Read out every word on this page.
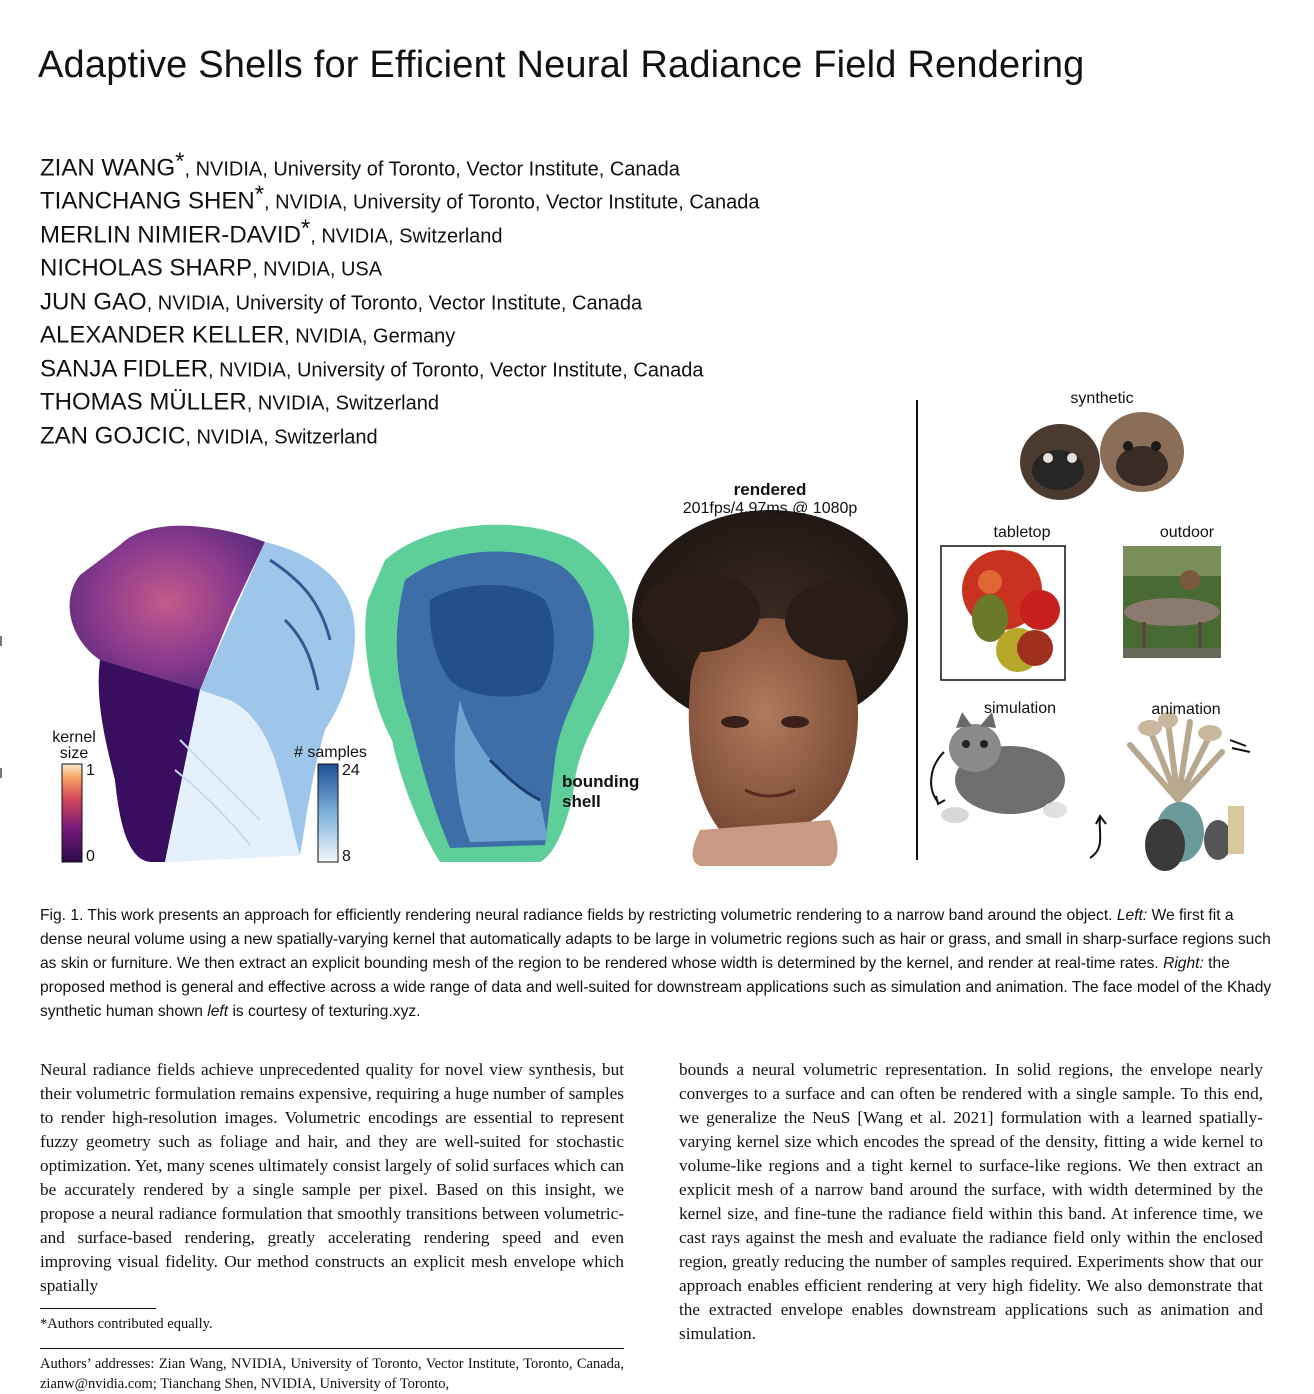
Adaptive Shells for Efficient Neural Radiance Field Rendering
ZIAN WANG*, NVIDIA, University of Toronto, Vector Institute, Canada
TIANCHANG SHEN*, NVIDIA, University of Toronto, Vector Institute, Canada
MERLIN NIMIER-DAVID*, NVIDIA, Switzerland
NICHOLAS SHARP, NVIDIA, USA
JUN GAO, NVIDIA, University of Toronto, Vector Institute, Canada
ALEXANDER KELLER, NVIDIA, Germany
SANJA FIDLER, NVIDIA, University of Toronto, Vector Institute, Canada
THOMAS MÜLLER, NVIDIA, Switzerland
ZAN GOJCIC, NVIDIA, Switzerland
kernel
size
1
0
# samples
24
8
bounding
shell
rendered
201fps/4.97ms @ 1080p
synthetic
tabletop	outdoor
simulation	animation
Fig. 1. This work presents an approach for efficiently rendering neural radiance fields by restricting volumetric rendering to a narrow band around the object. Left: We first fit a dense neural volume using a new spatially-varying kernel that automatically adapts to be large in volumetric regions such as hair or grass, and small in sharp-surface regions such as skin or furniture. We then extract an explicit bounding mesh of the region to be rendered whose width is determined by the kernel, and render at real-time rates. Right: the proposed method is general and effective across a wide range of data and well-suited for downstream applications such as simulation and animation. The face model of the Khady synthetic human shown left is courtesy of texturing.xyz.
Neural radiance fields achieve unprecedented quality for novel view synthesis, but their volumetric formulation remains expensive, requiring a huge number of samples to render high-resolution images. Volumetric encodings are essential to represent fuzzy geometry such as foliage and hair, and they are well-suited for stochastic optimization. Yet, many scenes ultimately consist largely of solid surfaces which can be accurately rendered by a single sample per pixel. Based on this insight, we propose a neural radiance formulation that smoothly transitions between volumetric- and surface-based rendering, greatly accelerating rendering speed and even improving visual fidelity. Our method constructs an explicit mesh envelope which spatially
bounds a neural volumetric representation. In solid regions, the envelope nearly converges to a surface and can often be rendered with a single sample. To this end, we generalize the NeuS [Wang et al. 2021] formulation with a learned spatially-varying kernel size which encodes the spread of the density, fitting a wide kernel to volume-like regions and a tight kernel to surface-like regions. We then extract an explicit mesh of a narrow band around the surface, with width determined by the kernel size, and fine-tune the radiance field within this band. At inference time, we cast rays against the mesh and evaluate the radiance field only within the enclosed region, greatly reducing the number of samples required. Experiments show that our approach enables efficient rendering at very high fidelity. We also demonstrate that the extracted envelope enables downstream applications such as animation and simulation.
*Authors contributed equally.
Authors’ addresses: Zian Wang, NVIDIA, University of Toronto, Vector Institute, Toronto, Canada, zianw@nvidia.com; Tianchang Shen, NVIDIA, University of Toronto,
